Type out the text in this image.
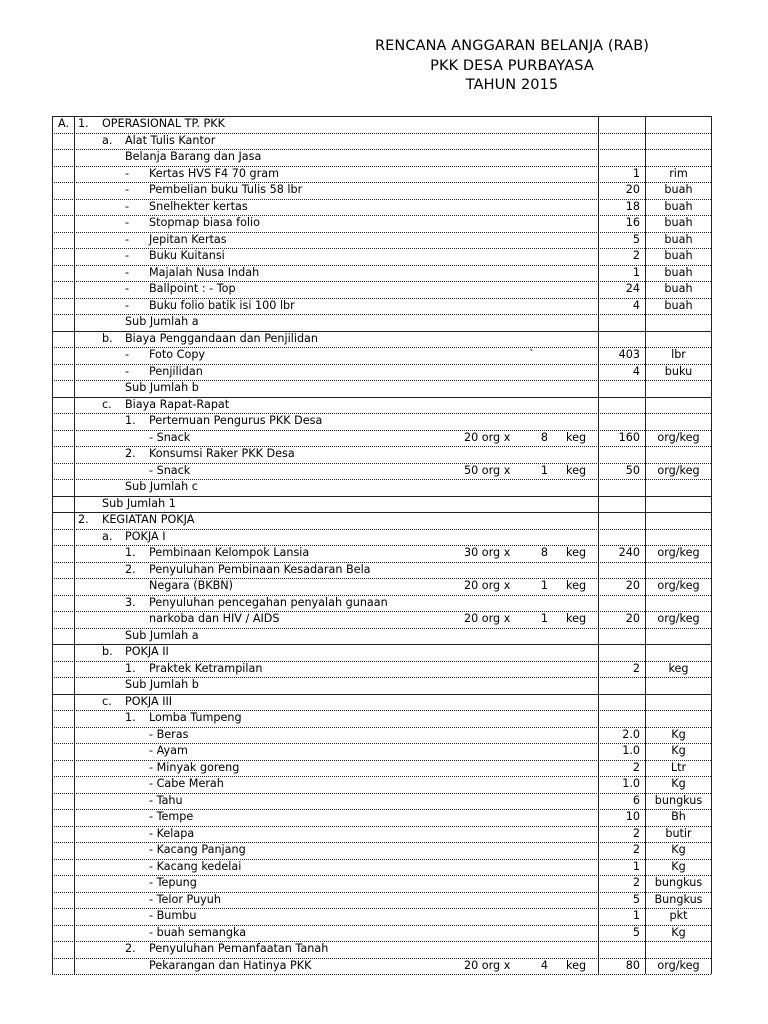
RENCANA ANGGARAN BELANJA (RAB)
PKK DESA PURBAYASA
TAHUN 2015
A. 1. OPERASIONAL TP. PKK
a. Alat Tulis Kantor
Belanja Barang dan Jasa
- Kertas HVS F4 70 gram	1	rim
- Pembelian buku Tulis 58 lbr	20	buah
- Snelhekter kertas	18	buah
- Stopmap biasa folio	16	buah
- Jepitan Kertas	5	buah
- Buku Kuitansi	2	buah
- Majalah Nusa Indah	1	buah
- Ballpoint : - Top	24	buah
- Buku folio batik isi 100 lbr	4	buah
Sub Jumlah a
b. Biaya Penggandaan dan Penjilidan
- Foto Copy	`	403	lbr
- Penjilidan	4	buku
Sub Jumlah b
c. Biaya Rapat-Rapat
1. Pertemuan Pengurus PKK Desa
- Snack	20 org x	8 keg	160	org/keg
2. Konsumsi Raker PKK Desa
- Snack	50 org x	1 keg	50	org/keg
Sub Jumlah c
Sub Jumlah 1
2. KEGIATAN POKJA
a. POKJA I
1. Pembinaan Kelompok Lansia	30 org x	8 keg	240	org/keg
2. Penyuluhan Pembinaan Kesadaran Bela
Negara (BKBN)	20 org x	1 keg	20	org/keg
3. Penyuluhan pencegahan penyalah gunaan
narkoba dan HIV / AIDS	20 org x	1 keg	20	org/keg
Sub Jumlah a
b. POKJA II
1. Praktek Ketrampilan	2	keg
Sub Jumlah b
c. POKJA III
1. Lomba Tumpeng
- Beras	2.0	Kg
- Ayam	1.0	Kg
- Minyak goreng	2	Ltr
- Cabe Merah	1.0	Kg
- Tahu	6	bungkus
- Tempe	10	Bh
- Kelapa	2	butir
- Kacang Panjang	2	Kg
- Kacang kedelai	1	Kg
- Tepung	2	bungkus
- Telor Puyuh	5	Bungkus
- Bumbu	1	pkt
- buah semangka	5	Kg
2. Penyuluhan Pemanfaatan Tanah
Pekarangan dan Hatinya PKK	20 org x	4 keg	80	org/keg
